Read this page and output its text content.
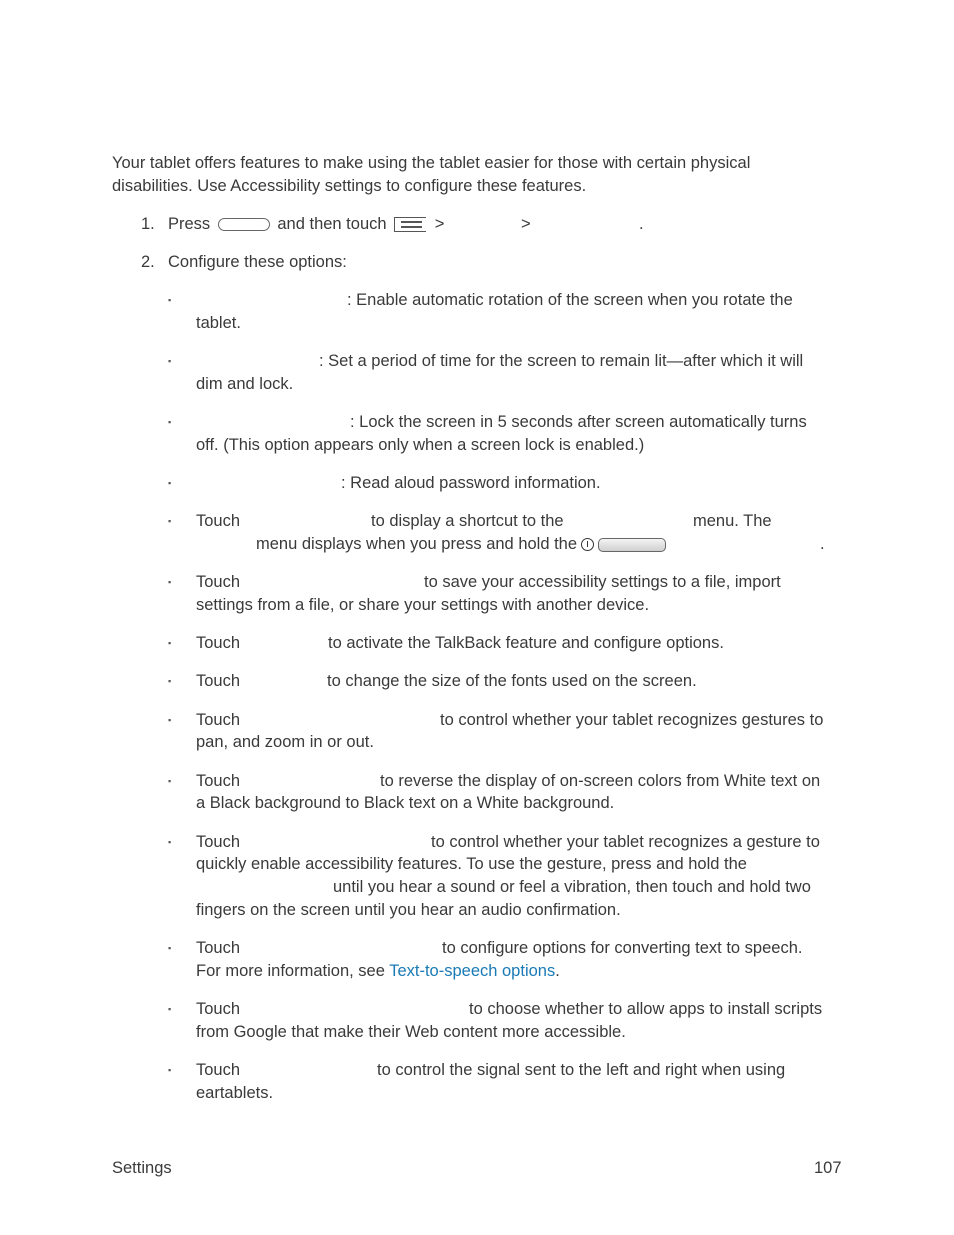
Your tablet offers features to make using the tablet easier for those with certain physical
disabilities. Use Accessibility settings to configure these features.
1. Press	and then touch	>	>	.
2. Configure these options:
▪	: Enable automatic rotation of the screen when you rotate the
tablet.
▪	: Set a period of time for the screen to remain lit—after which it will
dim and lock.
▪	: Lock the screen in 5 seconds after screen automatically turns
off. (This option appears only when a screen lock is enabled.)
▪	: Read aloud password information.
▪ Touch	to display a shortcut to the	menu. The
menu displays when you press and hold the	.
▪ Touch	to save your accessibility settings to a file, import
settings from a file, or share your settings with another device.
▪ Touch	to activate the TalkBack feature and configure options.
▪ Touch	to change the size of the fonts used on the screen.
▪ Touch	to control whether your tablet recognizes gestures to
pan, and zoom in or out.
▪ Touch	to reverse the display of on-screen colors from White text on
a Black background to Black text on a White background.
▪ Touch	to control whether your tablet recognizes a gesture to
quickly enable accessibility features. To use the gesture, press and hold the
until you hear a sound or feel a vibration, then touch and hold two
fingers on the screen until you hear an audio confirmation.
▪ Touch	to configure options for converting text to speech.
For more information, see Text-to-speech options.
▪ Touch	to choose whether to allow apps to install scripts
from Google that make their Web content more accessible.
▪ Touch	to control the signal sent to the left and right when using
eartablets.
Settings	107
